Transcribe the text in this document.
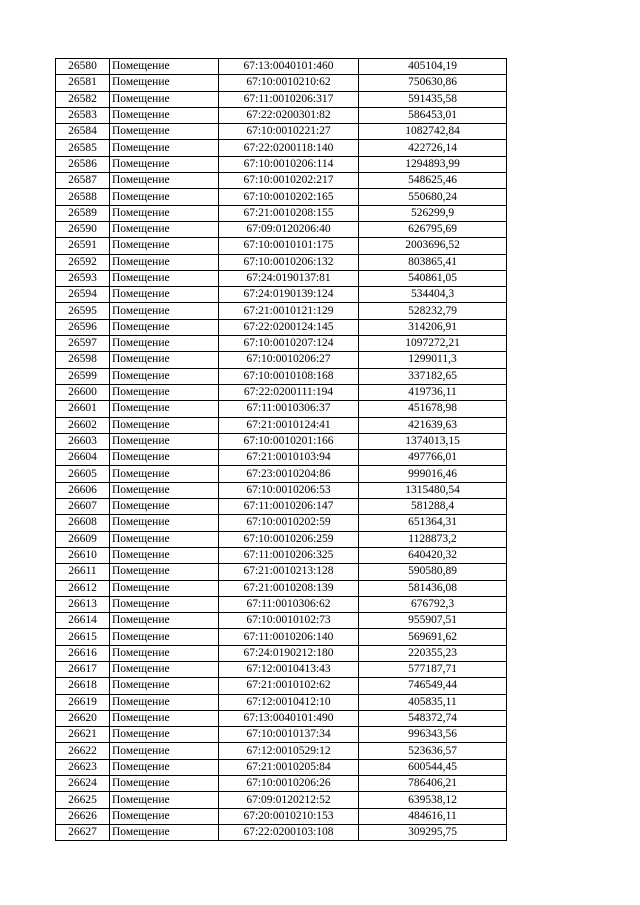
26580	Помещение	67:13:0040101:460	405104,19
26581	Помещение	67:10:0010210:62	750630,86
26582	Помещение	67:11:0010206:317	591435,58
26583	Помещение	67:22:0200301:82	586453,01
26584	Помещение	67:10:0010221:27	1082742,84
26585	Помещение	67:22:0200118:140	422726,14
26586	Помещение	67:10:0010206:114	1294893,99
26587	Помещение	67:10:0010202:217	548625,46
26588	Помещение	67:10:0010202:165	550680,24
26589	Помещение	67:21:0010208:155	526299,9
26590	Помещение	67:09:0120206:40	626795,69
26591	Помещение	67:10:0010101:175	2003696,52
26592	Помещение	67:10:0010206:132	803865,41
26593	Помещение	67:24:0190137:81	540861,05
26594	Помещение	67:24:0190139:124	534404,3
26595	Помещение	67:21:0010121:129	528232,79
26596	Помещение	67:22:0200124:145	314206,91
26597	Помещение	67:10:0010207:124	1097272,21
26598	Помещение	67:10:0010206:27	1299011,3
26599	Помещение	67:10:0010108:168	337182,65
26600	Помещение	67:22:0200111:194	419736,11
26601	Помещение	67:11:0010306:37	451678,98
26602	Помещение	67:21:0010124:41	421639,63
26603	Помещение	67:10:0010201:166	1374013,15
26604	Помещение	67:21:0010103:94	497766,01
26605	Помещение	67:23:0010204:86	999016,46
26606	Помещение	67:10:0010206:53	1315480,54
26607	Помещение	67:11:0010206:147	581288,4
26608	Помещение	67:10:0010202:59	651364,31
26609	Помещение	67:10:0010206:259	1128873,2
26610	Помещение	67:11:0010206:325	640420,32
26611	Помещение	67:21:0010213:128	590580,89
26612	Помещение	67:21:0010208:139	581436,08
26613	Помещение	67:11:0010306:62	676792,3
26614	Помещение	67:10:0010102:73	955907,51
26615	Помещение	67:11:0010206:140	569691,62
26616	Помещение	67:24:0190212:180	220355,23
26617	Помещение	67:12:0010413:43	577187,71
26618	Помещение	67:21:0010102:62	746549,44
26619	Помещение	67:12:0010412:10	405835,11
26620	Помещение	67:13:0040101:490	548372,74
26621	Помещение	67:10:0010137:34	996343,56
26622	Помещение	67:12:0010529:12	523636,57
26623	Помещение	67:21:0010205:84	600544,45
26624	Помещение	67:10:0010206:26	786406,21
26625	Помещение	67:09:0120212:52	639538,12
26626	Помещение	67:20:0010210:153	484616,11
26627	Помещение	67:22:0200103:108	309295,75
